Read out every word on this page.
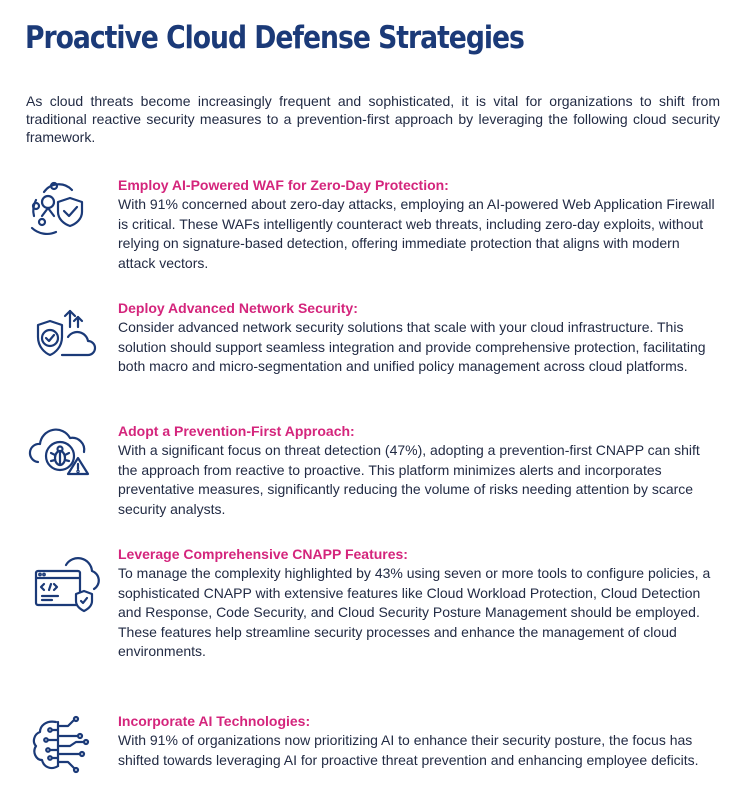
Proactive Cloud Defense Strategies

As cloud threats become increasingly frequent and sophisticated, it is vital for organizations to shift from traditional reactive security measures to a prevention-first approach by leveraging the following cloud security framework.

Employ AI-Powered WAF for Zero-Day Protection:

With 91% concerned about zero-day attacks, employing an AI-powered Web Application Firewall is critical. These WAFs intelligently counteract web threats, including zero-day exploits, without relying on signature-based detection, offering immediate protection that aligns with modern attack vectors.

Deploy Advanced Network Security:

Consider advanced network security solutions that scale with your cloud infrastructure. This solution should support seamless integration and provide comprehensive protection, facilitating both macro and micro-segmentation and unified policy management across cloud platforms.

Adopt a Prevention-First Approach:

With a significant focus on threat detection (47%), adopting a prevention-first CNAPP can shift the approach from reactive to proactive. This platform minimizes alerts and incorporates preventative measures, significantly reducing the volume of risks needing attention by scarce security analysts.

Leverage Comprehensive CNAPP Features:

To manage the complexity highlighted by 43% using seven or more tools to configure policies, a sophisticated CNAPP with extensive features like Cloud Workload Protection, Cloud Detection and Response, Code Security, and Cloud Security Posture Management should be employed. These features help streamline security processes and enhance the management of cloud environments.

Incorporate AI Technologies:

With 91% of organizations now prioritizing AI to enhance their security posture, the focus has shifted towards leveraging AI for proactive threat prevention and enhancing employee deficits.
